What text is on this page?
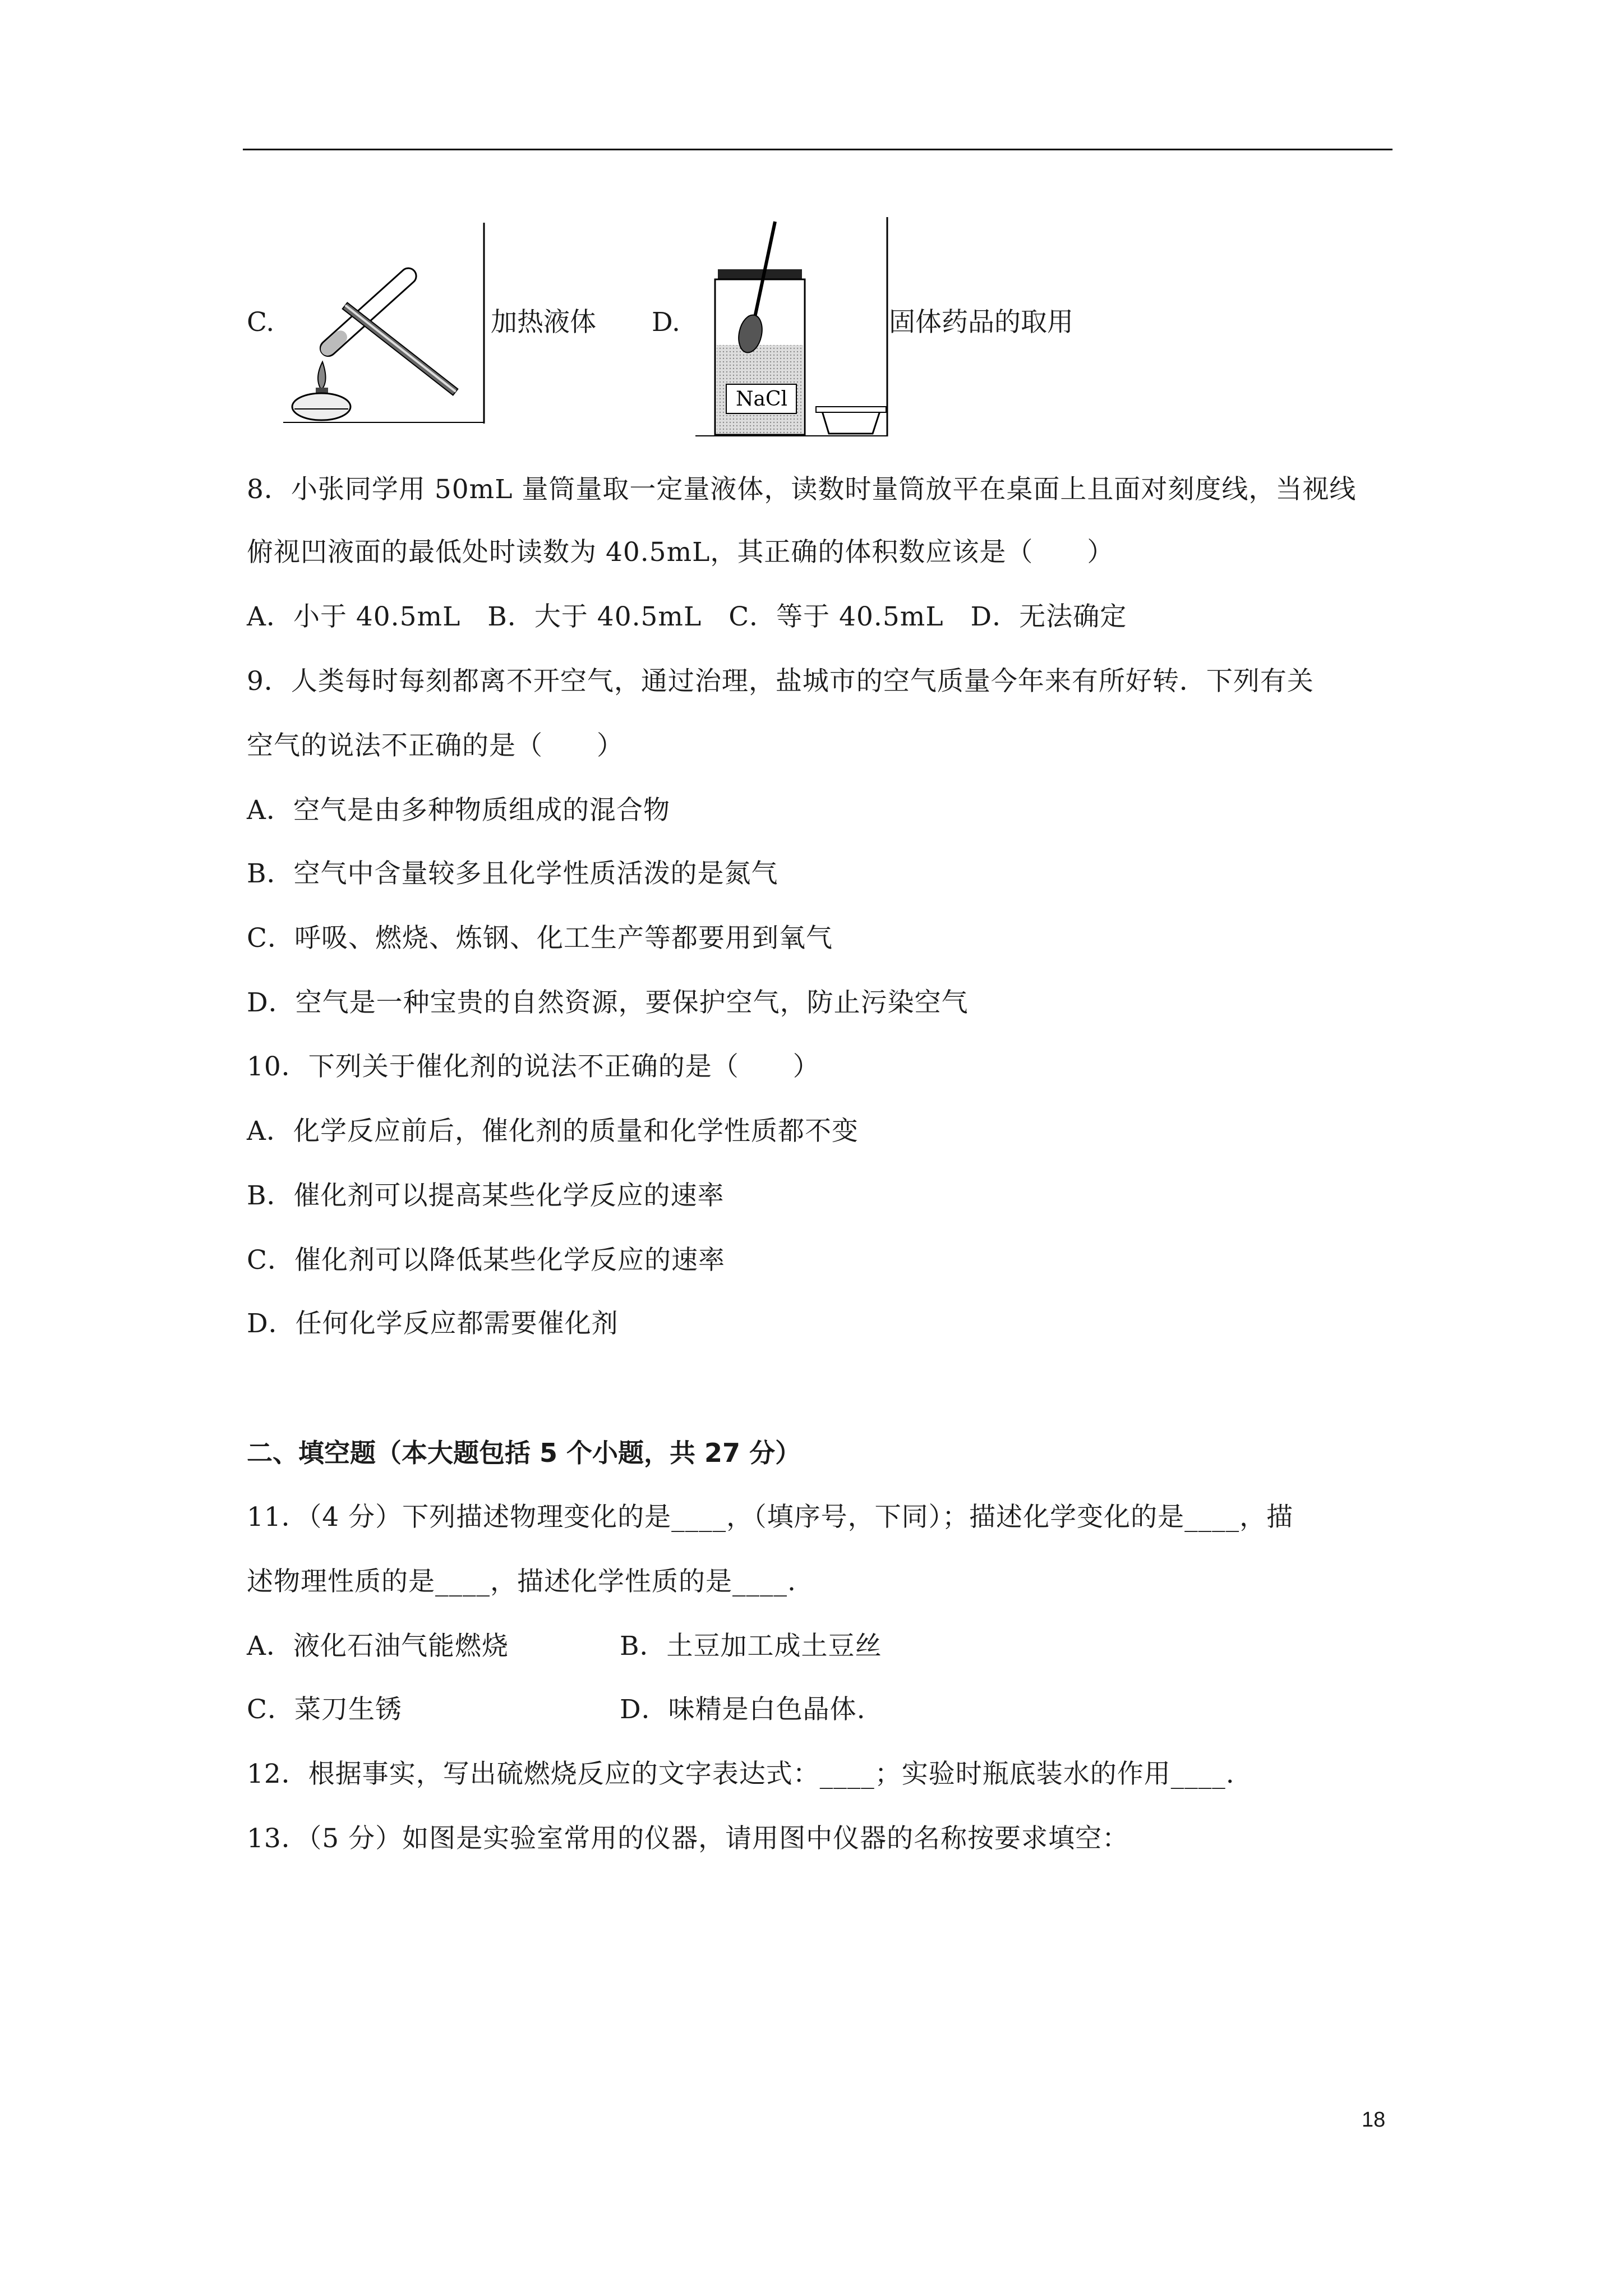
C.	加热液体 D.
NaCl
固体药品的取用
8．小张同学用 50mL 量筒量取一定量液体，读数时量筒放平在桌面上且面对刻度线，当视线
俯视凹液面的最低处时读数为 40.5mL，其正确的体积数应该是（　　）
A．小于 40.5mL　B．大于 40.5mL　C．等于 40.5mL　D．无法确定
9．人类每时每刻都离不开空气，通过治理，盐城市的空气质量今年来有所好转．下列有关
空气的说法不正确的是（　　）
A．空气是由多种物质组成的混合物
B．空气中含量较多且化学性质活泼的是氮气
C．呼吸、燃烧、炼钢、化工生产等都要用到氧气
D．空气是一种宝贵的自然资源，要保护空气，防止污染空气
10．下列关于催化剂的说法不正确的是（　　）
A．化学反应前后，催化剂的质量和化学性质都不变
B．催化剂可以提高某些化学反应的速率
C．催化剂可以降低某些化学反应的速率
D．任何化学反应都需要催化剂
二、填空题（本大题包括 5 个小题，共 27 分）
11．（4 分）下列描述物理变化的是____，（填序号，下同）；描述化学变化的是____，描
述物理性质的是____，描述化学性质的是____.
A．液化石油气能燃烧	B．土豆加工成土豆丝
C．菜刀生锈	D．味精是白色晶体.
12．根据事实，写出硫燃烧反应的文字表达式：____；实验时瓶底装水的作用____.
13．（5 分）如图是实验室常用的仪器，请用图中仪器的名称按要求填空：
18
